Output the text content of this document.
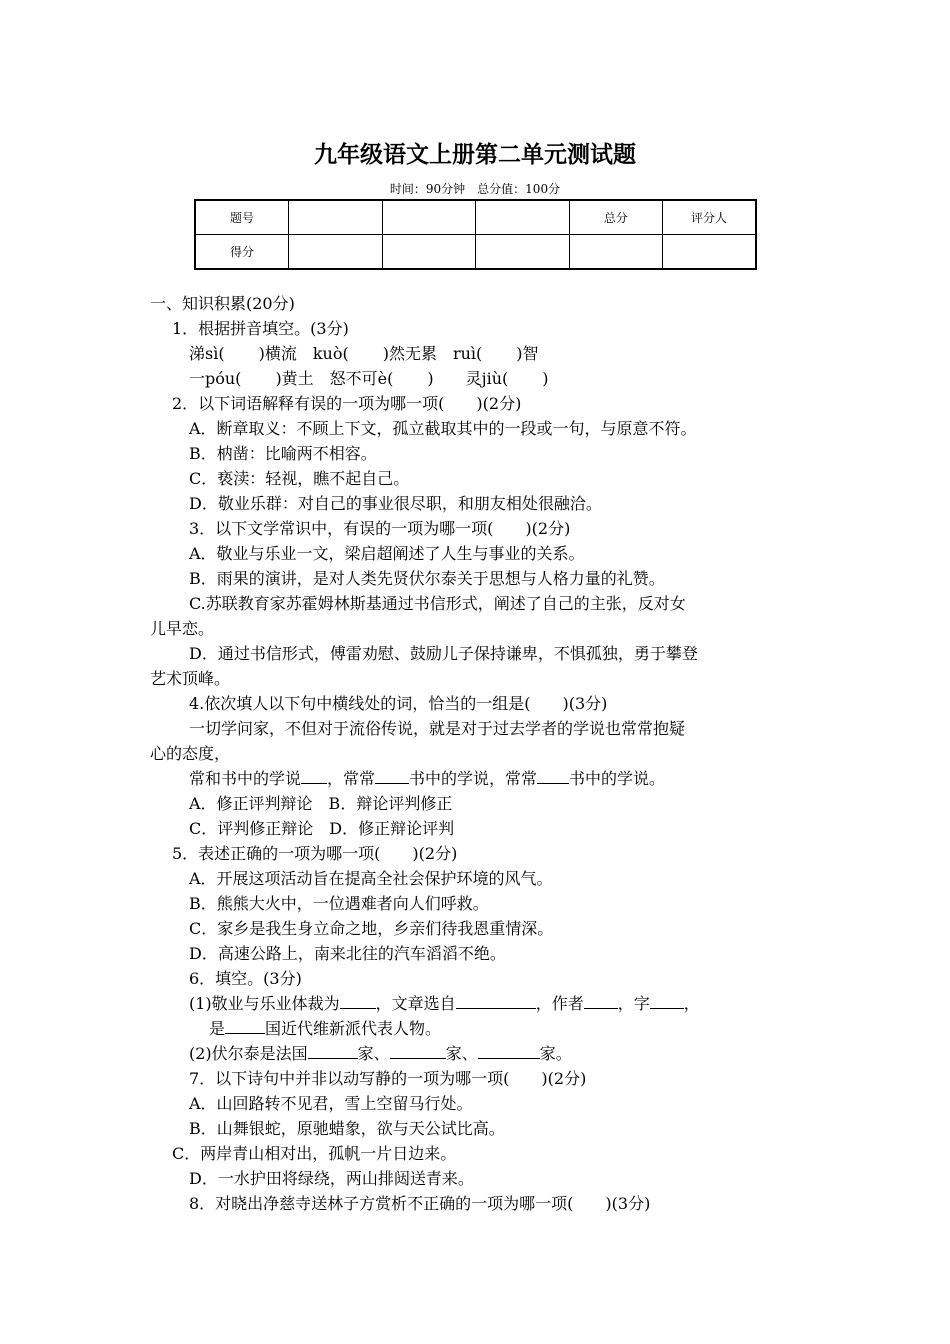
九年级语文上册第二单元测试题
时间：90分钟　总分值：100分
题号				总分	评分人
得分					
一、知识积累(20分)
1．根据拼音填空。(3分)
涕sì( )横流　kuò( )然无累　ruì( )智
一póu( )黄土　怒不可è( )　　灵jiù( )
2．以下词语解释有误的一项为哪一项(　　)(2分)
A．断章取义：不顾上下文，孤立截取其中的一段或一句，与原意不符。
B．枘凿：比喻两不相容。
C．亵渎：轻视，瞧不起自己。
D．敬业乐群：对自己的事业很尽职，和朋友相处很融洽。
3．以下文学常识中，有误的一项为哪一项(　　)(2分)
A．敬业与乐业一文，梁启超阐述了人生与事业的关系。
B．雨果的演讲，是对人类先贤伏尔泰关于思想与人格力量的礼赞。
C.苏联教育家苏霍姆林斯基通过书信形式，阐述了自己的主张，反对女
儿早恋。
D．通过书信形式，傅雷劝慰、鼓励儿子保持谦卑，不惧孤独，勇于攀登
艺术顶峰。
4.依次填人以下句中横线处的词，恰当的一组是(　　)(3分)
一切学问家，不但对于流俗传说，就是对于过去学者的学说也常常抱疑
心的态度，
常和书中的学说 ，常常 书中的学说，常常 书中的学说。
A．修正评判辩论　B．辩论评判修正
C．评判修正辩论　D．修正辩论评判
5．表述正确的一项为哪一项(　　)(2分)
A．开展这项活动旨在提高全社会保护环境的风气。
B．熊熊大火中，一位遇难者向人们呼救。
C．家乡是我生身立命之地，乡亲们待我恩重情深。
D．高速公路上，南来北往的汽车滔滔不绝。
6．填空。(3分)
(1)敬业与乐业体裁为 ，文章选自	，作者 ，字 ，
是	国近代维新派代表人物。
(2)伏尔泰是法国	家、	家、	家。
7．以下诗句中并非以动写静的一项为哪一项(　　)(2分)
A．山回路转不见君，雪上空留马行处。
B．山舞银蛇，原驰蜡象，欲与天公试比高。
C．两岸青山相对出，孤帆一片日边来。
D．一水护田将绿绕，两山排闼送青来。
8．对晓出净慈寺送林子方赏析不正确的一项为哪一项(　　)(3分)
